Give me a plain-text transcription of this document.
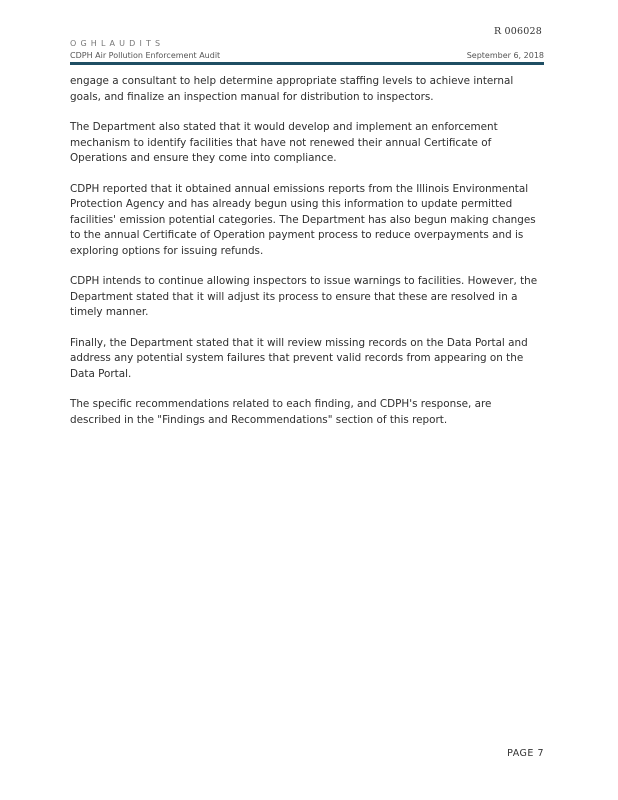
R 006028
O G H L A U D I T S
CDPH Air Pollution Enforcement Audit	September 6, 2018

engage a consultant to help determine appropriate staffing levels to achieve internal goals, and finalize an inspection manual for distribution to inspectors.

The Department also stated that it would develop and implement an enforcement mechanism to identify facilities that have not renewed their annual Certificate of Operations and ensure they come into compliance.

CDPH reported that it obtained annual emissions reports from the Illinois Environmental Protection Agency and has already begun using this information to update permitted facilities' emission potential categories. The Department has also begun making changes to the annual Certificate of Operation payment process to reduce overpayments and is exploring options for issuing refunds.

CDPH intends to continue allowing inspectors to issue warnings to facilities. However, the Department stated that it will adjust its process to ensure that these are resolved in a timely manner.

Finally, the Department stated that it will review missing records on the Data Portal and address any potential system failures that prevent valid records from appearing on the Data Portal.

The specific recommendations related to each finding, and CDPH's response, are described in the "Findings and Recommendations" section of this report.

PAGE 7
